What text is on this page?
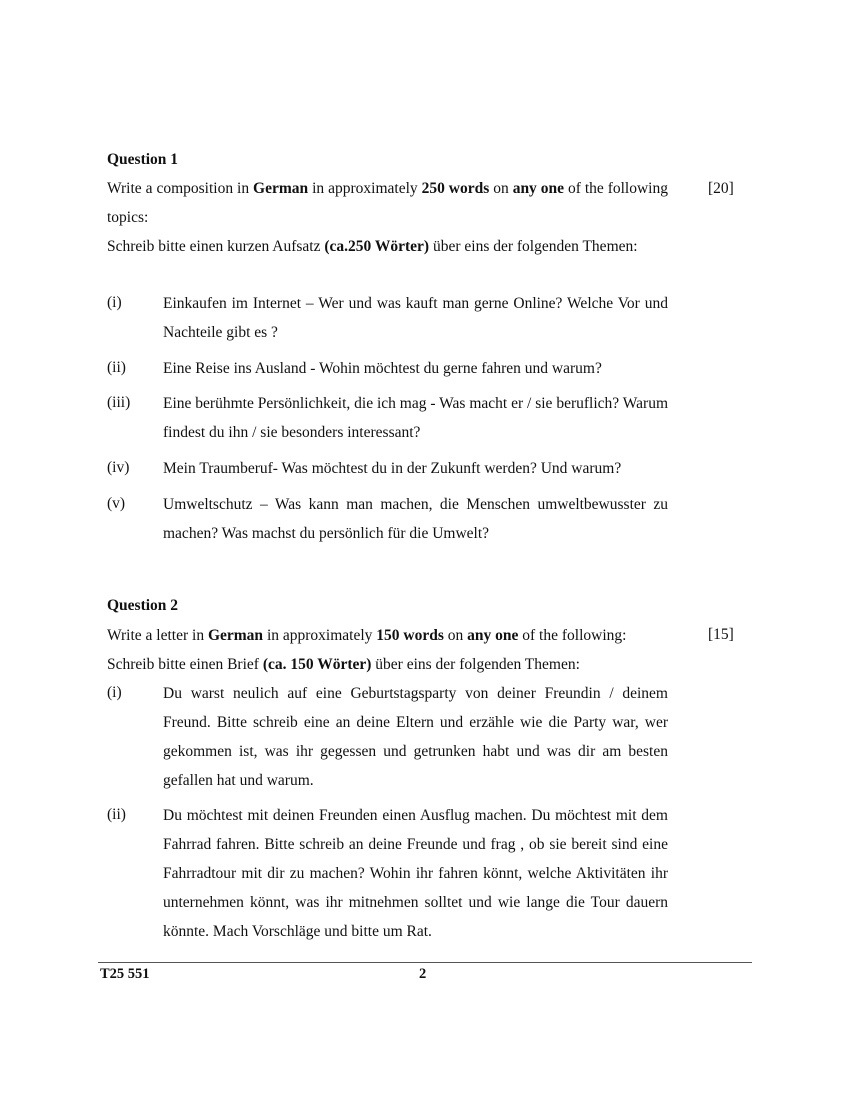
Question 1
[20]
Write a composition in German in approximately 250 words on any one of the following topics:
Schreib bitte einen kurzen Aufsatz (ca.250 Wörter) über eins der folgenden Themen:
(i)	Einkaufen im Internet – Wer und was kauft man gerne Online? Welche Vor und Nachteile gibt es ?
(ii) Eine Reise ins Ausland - Wohin möchtest du gerne fahren und warum?
(iii) Eine berühmte Persönlichkeit, die ich mag - Was macht er / sie beruflich? Warum findest du ihn / sie besonders interessant?
(iv) Mein Traumberuf- Was möchtest du in der Zukunft werden? Und warum?
(v) Umweltschutz – Was kann man machen, die Menschen umweltbewusster zu machen? Was machst du persönlich für die Umwelt?
Question 2
[15]
Write a letter in German in approximately 150 words on any one of the following:
Schreib bitte einen Brief (ca. 150 Wörter) über eins der folgenden Themen:
(i)	Du warst neulich auf eine Geburtstagsparty von deiner Freundin / deinem Freund. Bitte schreib eine an deine Eltern und erzähle wie die Party war, wer gekommen ist, was ihr gegessen und getrunken habt und was dir am besten gefallen hat und warum.
(ii) Du möchtest mit deinen Freunden einen Ausflug machen. Du möchtest mit dem Fahrrad fahren. Bitte schreib an deine Freunde und frag , ob sie bereit sind eine Fahrradtour mit dir zu machen? Wohin ihr fahren könnt, welche Aktivitäten ihr unternehmen könnt, was ihr mitnehmen solltet und wie lange die Tour dauern könnte. Mach Vorschläge und bitte um Rat.
T25 551	2
